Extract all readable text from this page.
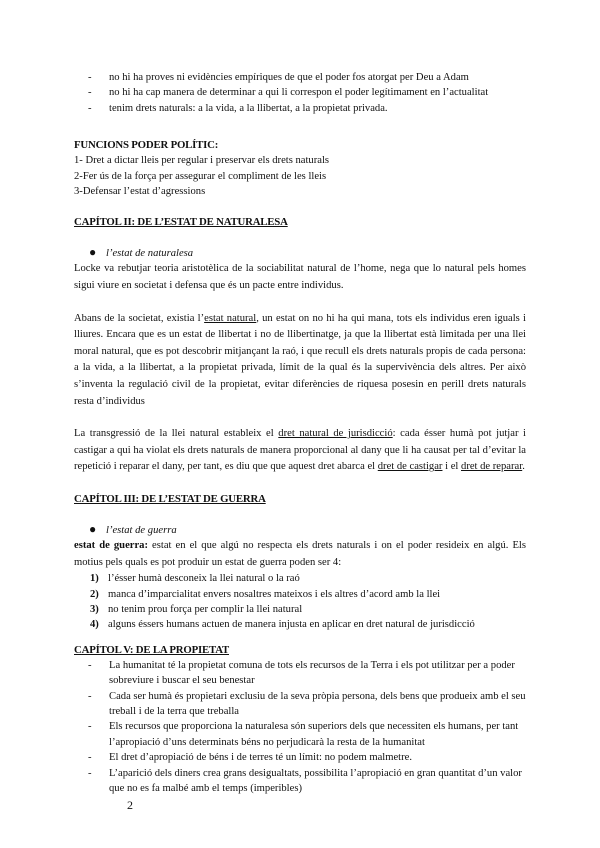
- no hi ha proves ni evidències empíriques de que el poder fos atorgat per Deu a Adam
- no hi ha cap manera de determinar a qui li correspon el poder legítimament en l’actualitat
- tenim drets naturals: a la vida, a la llibertat, a la propietat privada.
FUNCIONS PODER POLÍTIC:
1- Dret a dictar lleis per regular i preservar els drets naturals
2-Fer ús de la força per assegurar el compliment de les lleis
3-Defensar l’estat d’agressions
CAPÍTOL II: DE L’ESTAT DE NATURALESA
● l’estat de naturalesa
Locke va rebutjar teoria aristotèlica de la sociabilitat natural de l’home, nega que lo natural pels homes sigui viure en societat i defensa que és un pacte entre individus.
Abans de la societat, existia l’estat natural, un estat on no hi ha qui mana, tots els individus eren iguals i lliures. Encara que es un estat de llibertat i no de llibertinatge, ja que la llibertat està limitada per una llei moral natural, que es pot descobrir mitjançant la raó, i que recull els drets naturals propis de cada persona: a la vida, a la llibertat, a la propietat privada, límit de la qual és la supervivència dels altres. Per això s’inventa la regulació civil de la propietat, evitar diferències de riquesa posesin en perill drets naturals resta d’individus
La transgressió de la llei natural estableix el dret natural de jurisdicció: cada ésser humà pot jutjar i castigar a qui ha violat els drets naturals de manera proporcional al dany que li ha causat per tal d’evitar la repetició i reparar el dany, per tant, es diu que que aquest dret abarca el dret de castigar i el dret de reparar.
CAPÍTOL III: DE L’ESTAT DE GUERRA
● l’estat de guerra
estat de guerra: estat en el que algú no respecta els drets naturals i on el poder resideix en algú. Els motius pels quals es pot produir un estat de guerra poden ser 4:
1) l’ésser humà desconeix la llei natural o la raó
2) manca d’imparcialitat envers nosaltres mateixos i els altres d’acord amb la llei
3) no tenim prou força per complir la llei natural
4) alguns éssers humans actuen de manera injusta en aplicar en dret natural de jurisdicció
CAPÍTOL V: DE LA PROPIETAT
- La humanitat té la propietat comuna de tots els recursos de la Terra i els pot utilitzar per a poder sobreviure i buscar el seu benestar
- Cada ser humà és propietari exclusiu de la seva pròpia persona, dels bens que produeix amb el seu treball i de la terra que treballa
- Els recursos que proporciona la naturalesa són superiors dels que necessiten els humans, per tant l’apropiació d’uns determinats béns no perjudicarà la resta de la humanitat
- El dret d’apropiació de béns i de terres té un límit: no podem malmetre.
- L’aparició dels diners crea grans desigualtats, possibilita l’apropiació en gran quantitat d’un valor que no es fa malbé amb el temps (imperibles)
2
